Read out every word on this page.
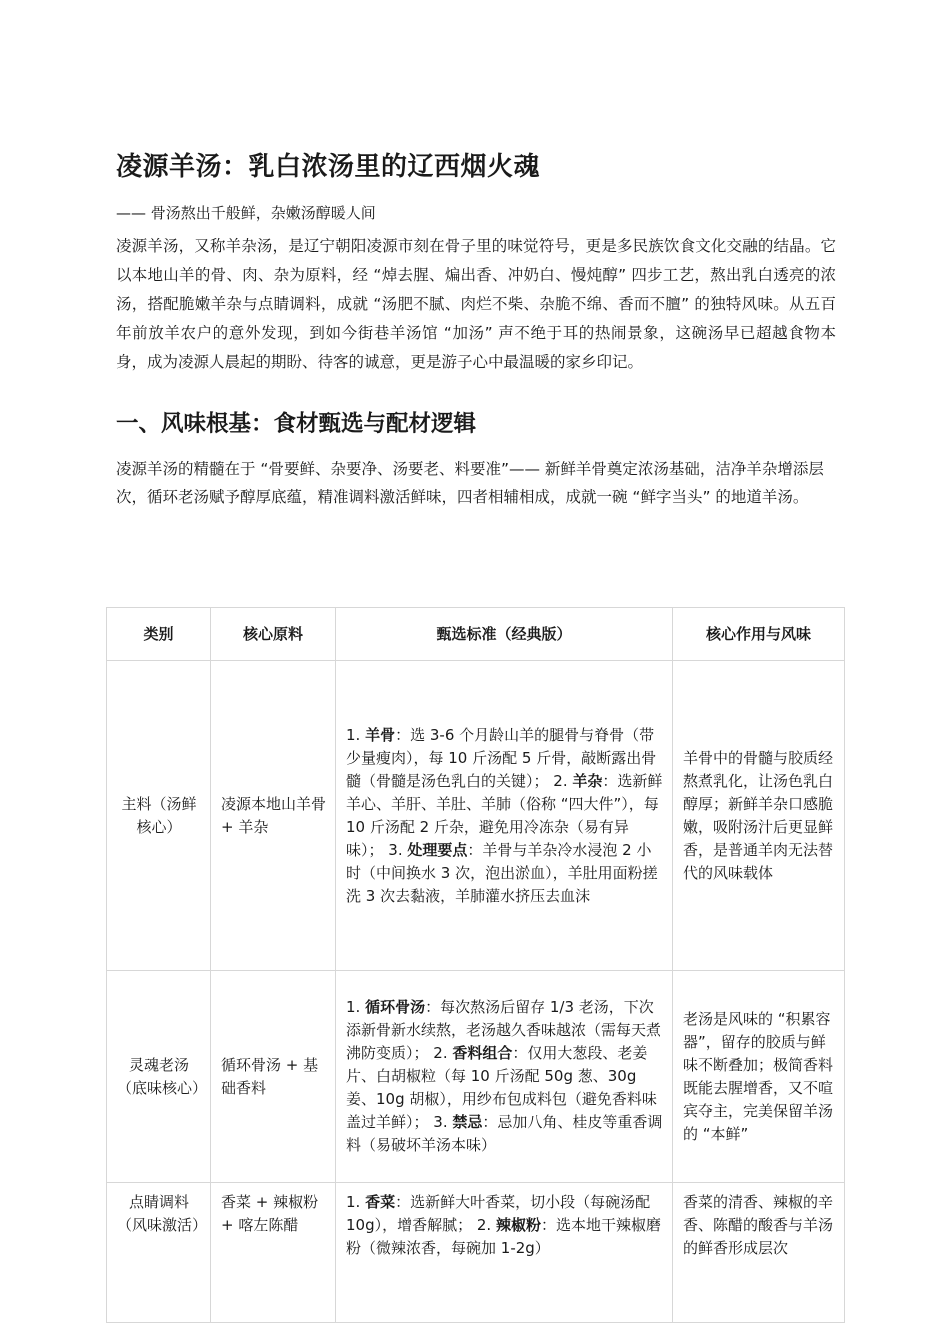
凌源羊汤：乳白浓汤里的辽西烟火魂
—— 骨汤熬出千般鲜，杂嫩汤醇暖人间

凌源羊汤，又称羊杂汤，是辽宁朝阳凌源市刻在骨子里的味觉符号，更是多民族饮食文化交融的结晶。它以本地山羊的骨、肉、杂为原料，经 “焯去腥、煸出香、冲奶白、慢炖醇” 四步工艺，熬出乳白透亮的浓汤，搭配脆嫩羊杂与点睛调料，成就 “汤肥不腻、肉烂不柴、杂脆不绵、香而不膻” 的独特风味。从五百年前放羊农户的意外发现，到如今街巷羊汤馆 “加汤” 声不绝于耳的热闹景象，这碗汤早已超越食物本身，成为凌源人晨起的期盼、待客的诚意，更是游子心中最温暖的家乡印记。

一、风味根基：食材甄选与配材逻辑

凌源羊汤的精髓在于 “骨要鲜、杂要净、汤要老、料要准”—— 新鲜羊骨奠定浓汤基础，洁净羊杂增添层次，循环老汤赋予醇厚底蕴，精准调料激活鲜味，四者相辅相成，成就一碗 “鲜字当头” 的地道羊汤。

类别	核心原料	甄选标准（经典版）	核心作用与风味
主料（汤鲜核心）	凌源本地山羊骨 + 羊杂	1. 羊骨：选 3-6 个月龄山羊的腿骨与脊骨（带少量瘦肉），每 10 斤汤配 5 斤骨，敲断露出骨髓（骨髓是汤色乳白的关键）； 2. 羊杂：选新鲜羊心、羊肝、羊肚、羊肺（俗称 “四大件”），每 10 斤汤配 2 斤杂，避免用冷冻杂（易有异味）； 3. 处理要点：羊骨与羊杂冷水浸泡 2 小时（中间换水 3 次，泡出淤血），羊肚用面粉搓洗 3 次去黏液，羊肺灌水挤压去血沫	羊骨中的骨髓与胶质经熬煮乳化，让汤色乳白醇厚；新鲜羊杂口感脆嫩，吸附汤汁后更显鲜香，是普通羊肉无法替代的风味载体
灵魂老汤（底味核心）	循环骨汤 + 基础香料	1. 循环骨汤：每次熬汤后留存 1/3 老汤，下次添新骨新水续熬，老汤越久香味越浓（需每天煮沸防变质）； 2. 香料组合：仅用大葱段、老姜片、白胡椒粒（每 10 斤汤配 50g 葱、30g 姜、10g 胡椒），用纱布包成料包（避免香料味盖过羊鲜）； 3. 禁忌：忌加八角、桂皮等重香调料（易破坏羊汤本味）	老汤是风味的 “积累容器”，留存的胶质与鲜味不断叠加；极简香料既能去腥增香，又不喧宾夺主，完美保留羊汤的 “本鲜”
点睛调料（风味激活）	香菜 + 辣椒粉 + 喀左陈醋	1. 香菜：选新鲜大叶香菜，切小段（每碗汤配 10g），增香解腻； 2. 辣椒粉：选本地干辣椒磨粉（微辣浓香，每碗加 1-2g）	香菜的清香、辣椒的辛香、陈醋的酸香与羊汤的鲜香形成层次
